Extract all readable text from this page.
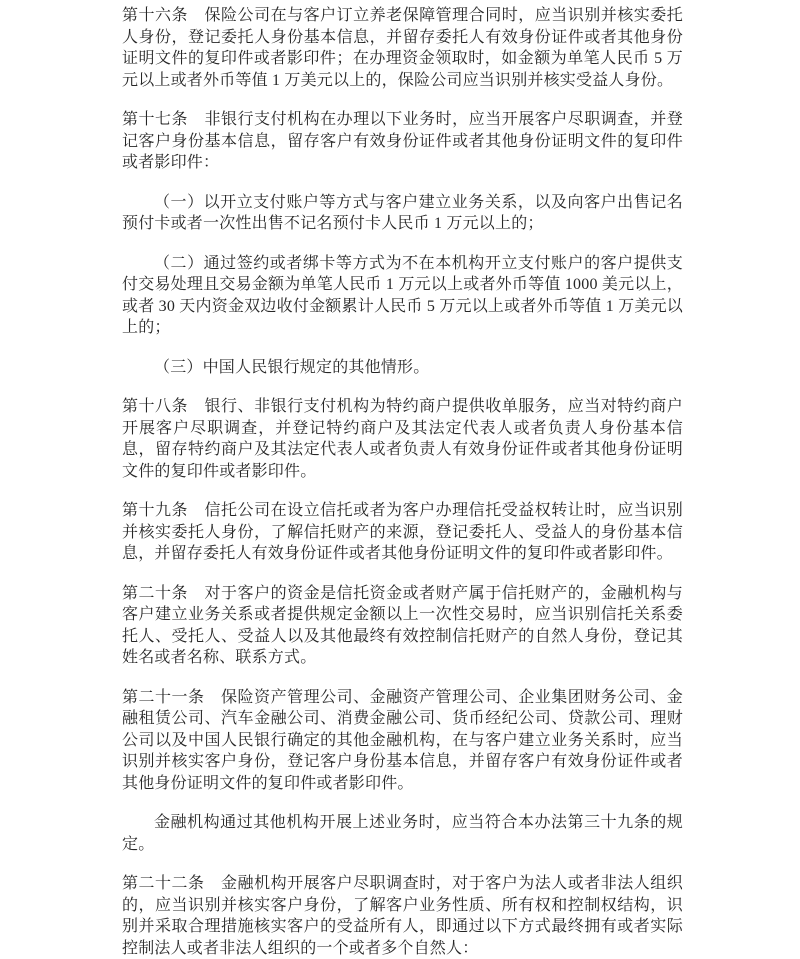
第十六条　保险公司在与客户订立养老保障管理合同时，应当识别并核实委托人身份，登记委托人身份基本信息，并留存委托人有效身份证件或者其他身份证明文件的复印件或者影印件；在办理资金领取时，如金额为单笔人民币 5 万元以上或者外币等值 1 万美元以上的，保险公司应当识别并核实受益人身份。

第十七条　非银行支付机构在办理以下业务时，应当开展客户尽职调查，并登记客户身份基本信息，留存客户有效身份证件或者其他身份证明文件的复印件或者影印件：

（一）以开立支付账户等方式与客户建立业务关系，以及向客户出售记名预付卡或者一次性出售不记名预付卡人民币 1 万元以上的；

（二）通过签约或者绑卡等方式为不在本机构开立支付账户的客户提供支付交易处理且交易金额为单笔人民币 1 万元以上或者外币等值 1000 美元以上，或者 30 天内资金双边收付金额累计人民币 5 万元以上或者外币等值 1 万美元以上的；

（三）中国人民银行规定的其他情形。

第十八条　银行、非银行支付机构为特约商户提供收单服务，应当对特约商户开展客户尽职调查，并登记特约商户及其法定代表人或者负责人身份基本信息，留存特约商户及其法定代表人或者负责人有效身份证件或者其他身份证明文件的复印件或者影印件。

第十九条　信托公司在设立信托或者为客户办理信托受益权转让时，应当识别并核实委托人身份，了解信托财产的来源，登记委托人、受益人的身份基本信息，并留存委托人有效身份证件或者其他身份证明文件的复印件或者影印件。

第二十条　对于客户的资金是信托资金或者财产属于信托财产的，金融机构与客户建立业务关系或者提供规定金额以上一次性交易时，应当识别信托关系委托人、受托人、受益人以及其他最终有效控制信托财产的自然人身份，登记其姓名或者名称、联系方式。

第二十一条　保险资产管理公司、金融资产管理公司、企业集团财务公司、金融租赁公司、汽车金融公司、消费金融公司、货币经纪公司、贷款公司、理财公司以及中国人民银行确定的其他金融机构，在与客户建立业务关系时，应当识别并核实客户身份，登记客户身份基本信息，并留存客户有效身份证件或者其他身份证明文件的复印件或者影印件。

金融机构通过其他机构开展上述业务时，应当符合本办法第三十九条的规定。

第二十二条　金融机构开展客户尽职调查时，对于客户为法人或者非法人组织的，应当识别并核实客户身份，了解客户业务性质、所有权和控制权结构，识别并采取合理措施核实客户的受益所有人，即通过以下方式最终拥有或者实际控制法人或者非法人组织的一个或者多个自然人：
